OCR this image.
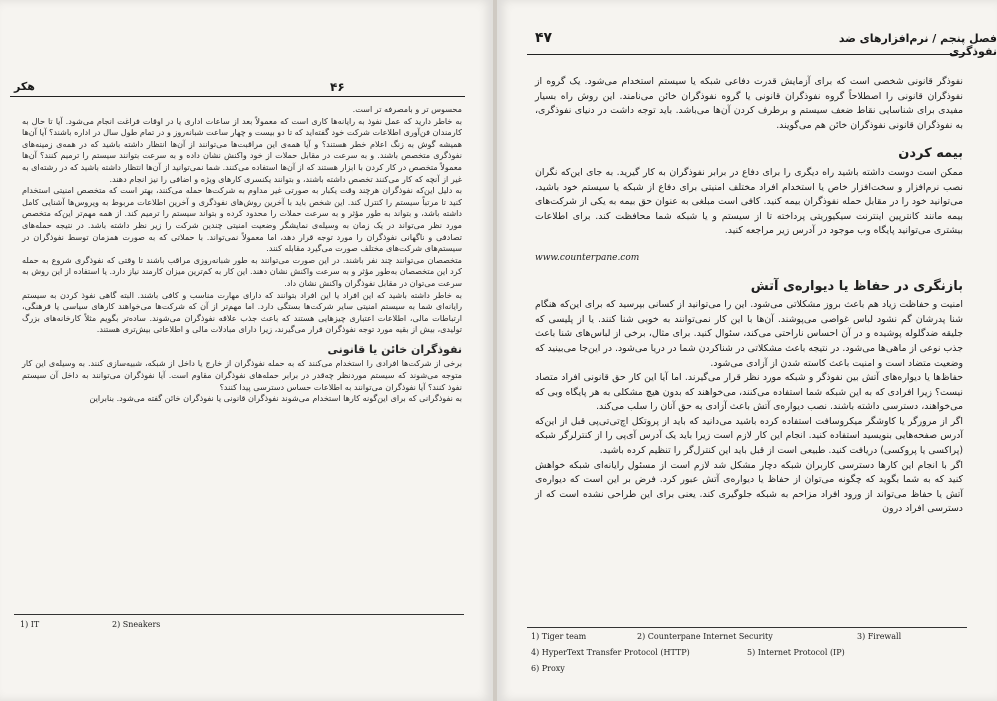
هکر	۴۶

محسوس تر و بامصرفه تر است.

به خاطر دارید که عمل نفوذ به رایانه‌ها کاری است که معمولاً بعد از ساعات اداری یا در اوقات فراغت انجام می‌شود. آیا تا حال به کارمندان فن‌آوری اطلاعات شرکت خود گفته‌اید که تا دو بیست و چهار ساعت شبانه‌روز و در تمام طول سال در اداره باشند؟ آیا آن‌ها همیشه گوش به زنگ اعلام خطر هستند؟ و آیا همه‌ی این مراقبت‌ها می‌توانند از آن‌ها انتظار داشته باشید که در همه‌ی زمینه‌های نفوذگری متخصص باشند. و به سرعت در مقابل حملات از خود واکنش نشان داده و به سرعت بتوانند سیستم را ترمیم کنند؟ آن‌ها معمولاً متخصص در کار کردن با ابزار هستند که از آن‌ها استفاده می‌کنند. شما نمی‌توانید از آن‌ها انتظار داشته باشید که در رشته‌ای به غیر از آنچه که کار می‌کنند تخصص داشته باشند، و بتوانند یکنسری کارهای ویژه و اضافی را نیز انجام دهند.

به دلیل این‌که نفوذگران هرچند وقت یکبار به صورتی غیر مداوم به شرکت‌ها حمله می‌کنند، بهتر است که متخصص امنیتی استخدام کنید تا مرتباً سیستم را کنترل کند. این شخص باید با آخرین روش‌های نفوذگری و آخرین اطلاعات مربوط به ویروس‌ها آشنایی کامل داشته باشد، و بتواند به طور مؤثر و به سرعت حملات را محدود کرده و بتواند سیستم را ترمیم کند. از همه مهم‌تر این‌که متخصص مورد نظر می‌تواند در یک زمان به وسیله‌ی نمایشگر وضعیت امنیتی چندین شرکت را زیر نظر داشته باشد. در نتیجه حمله‌های تصادفی و ناگهانی نفوذگران را مورد توجه قرار دهد، اما معمولاً نمی‌تواند. با حملاتی که به صورت همزمان توسط نفوذگران در سیستم‌های شرکت‌های مختلف صورت می‌گیرد مقابله کنند.

متخصصان می‌توانند چند نفر باشند. در این صورت می‌توانند به طور شبانه‌روزی مراقب باشند تا وقتی که نفوذگری شروع به حمله کرد این متخصصان به‌طور مؤثر و به سرعت واکنش نشان دهند. این کار به کم‌ترین میزان کارمند نیاز دارد. یا استفاده از این روش به سرعت می‌توان در مقابل نفوذگران واکنش نشان داد.

به خاطر داشته باشید که این افراد یا این افراد بتوانند که دارای مهارت مناسب و کافی باشند. البته گاهی نفوذ کردن به سیستم رایانه‌ای شما به سیستم امنیتی سایر شرکت‌ها بستگی دارد. اما مهم‌تر از آن که شرکت‌ها می‌خواهند کارهای سیاسی یا فرهنگی، ارتباطات مالی، اطلاعات اعتباری چیزهایی هستند که باعث جذب علاقه نفوذگران می‌شوند. ساده‌تر بگویم مثلاً کارخانه‌های بزرگ تولیدی، بیش از بقیه مورد توجه نفوذگران قرار می‌گیرند، زیرا دارای مبادلات مالی و اطلاعاتی بیش‌تری هستند.

نفوذگران خائن یا قانونی

برخی از شرکت‌ها افرادی را استخدام می‌کنند که به حمله نفوذگران از خارج یا داخل از شبکه، شبیه‌سازی کنند. به وسیله‌ی این کار متوجه می‌شوند که سیستم موردنظر چه‌قدر در برابر حمله‌های نفوذگران مقاوم است. آیا نفوذگران می‌توانند به داخل آن سیستم نفوذ کنند؟ آیا نفوذگران می‌توانند به اطلاعات حساس دسترسی پیدا کنند؟

به نفوذگرانی که برای این‌گونه کارها استخدام می‌شوند نفوذگران قانونی یا نفوذگران خائن گفته می‌شود. بنابراین

1) IT	2) Sneakers
۴۷	فصل پنجم / نرم‌افزارهای ضد نفوذگری

نفوذگر قانونی شخصی است که برای آزمایش قدرت دفاعی شبکه یا سیستم استخدام می‌شود. یک گروه از نفوذگران قانونی را اصطلاحاً گروه نفوذگران قانونی یا گروه نفوذگران خائن می‌نامند. این روش راه بسیار مفیدی برای شناسایی نقاط ضعف سیستم و برطرف کردن آن‌ها می‌باشد. باید توجه داشت در دنیای نفوذگری، به نفوذگران قانونی نفوذگران خائن هم می‌گویند.

بیمه کردن

ممکن است دوست داشته باشید راه دیگری را برای دفاع در برابر نفوذگران به کار گیرید. به جای این‌که نگران نصب نرم‌افزار و سخت‌افزار خاص یا استخدام افراد مختلف امنیتی برای دفاع از شبکه یا سیستم خود باشید، می‌توانید خود را در مقابل حمله نفوذگران بیمه کنید. کافی است مبلغی به عنوان حق بیمه به یکی از شرکت‌های بیمه مانند کانترپین اینترنت سیکیوریتی پرداخته تا از سیستم و یا شبکه شما محافظت کند. برای اطلاعات بیشتری می‌توانید پایگاه وب موجود در آدرس زیر مراجعه کنید.

www.counterpane.com
بازنگری در حفاظ یا دیواره‌ی آتش

امنیت و حفاظت زیاد هم باعث بروز مشکلاتی می‌شود. این را می‌توانید از کسانی بپرسید که برای این‌که هنگام شنا پدرشان گم نشود لباس غواصی می‌پوشند. آن‌ها با این کار نمی‌توانند به خوبی شنا کنند. یا از پلیسی که جلیقه ضدگلوله پوشیده و در آن احساس ناراحتی می‌کند، سئوال کنید. برای مثال، برخی از لباس‌های شنا باعث جذب نوعی از ماهی‌ها می‌شود. در نتیجه باعث مشکلاتی در شناکردن شما در دریا می‌شود. در این‌جا می‌بینید که وضعیت متضاد است و امنیت باعث کاسته شدن از آزادی می‌شود.

حفاظ‌ها یا دیواره‌های آتش بین نفوذگر و شبکه مورد نظر قرار می‌گیرند. اما آیا این کار حق قانونی افراد متصاد نیست؟ زیرا افرادی که به این شبکه شما استفاده می‌کنند، می‌خواهند که بدون هیچ مشکلی به هر پایگاه وبی که می‌خواهند، دسترسی داشته باشند. نصب دیواره‌ی آتش باعث آزادی به حق آنان را سلب می‌کند.

اگر از مرورگر یا کاوشگر میکروسافت استفاده کرده باشید می‌دانید که باید از پروتکل اچ‌تی‌تی‌پی قبل از این‌که آدرس صفحه‌هایی بنویسید استفاده کنید. انجام این کار لازم است زیرا باید یک آدرس آی‌پی را از کنترلرگر شبکه (پراکسی یا پروکسی) دریافت کنید. طبیعی است از قبل باید این کنترل‌گر را تنظیم کرده باشید.

اگر با انجام این کارها دسترسی کاربران شبکه دچار مشکل شد لازم است از مسئول رایانه‌ای شبکه خواهش کنید که به شما بگوید که چگونه می‌توان از حفاظ یا دیواره‌ی آتش عبور کرد. فرض بر این است که دیواره‌ی آتش یا حفاظ می‌تواند از ورود افراد مزاحم به شبکه جلوگیری کند. یعنی برای این طراحی نشده است که از دسترسی افراد درون

1) Tiger team	2) Counterpane Internet Security	3) Firewall
4) HyperText Transfer Protocol (HTTP)	5) Internet Protocol (IP)
6) Proxy
